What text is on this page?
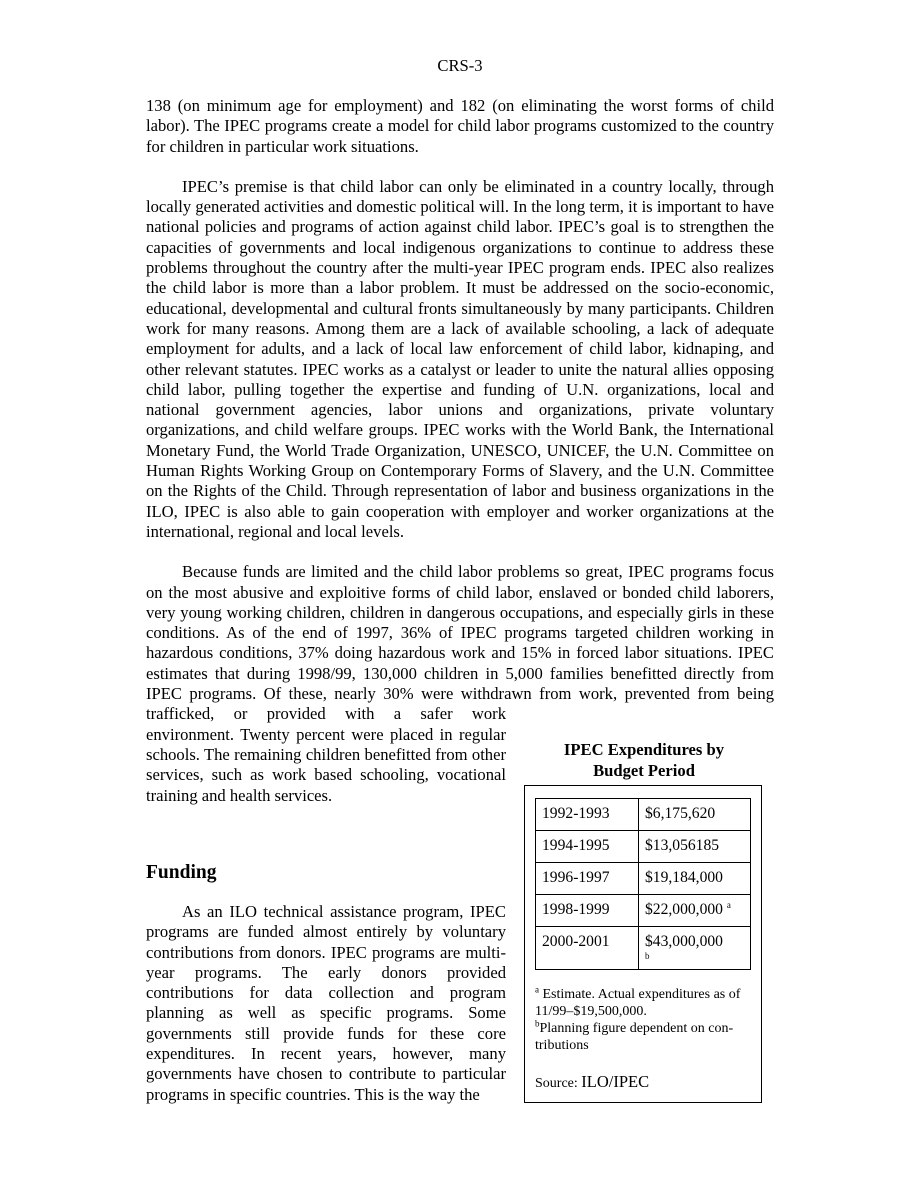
CRS-3

138 (on minimum age for employment) and 182 (on eliminating the worst forms of child labor). The IPEC programs create a model for child labor programs customized to the country for children in particular work situations.

IPEC’s premise is that child labor can only be eliminated in a country locally, through locally generated activities and domestic political will. In the long term, it is important to have national policies and programs of action against child labor. IPEC’s goal is to strengthen the capacities of governments and local indigenous organizations to continue to address these problems throughout the country after the multi-year IPEC program ends. IPEC also realizes the child labor is more than a labor problem. It must be addressed on the socio-economic, educational, developmental and cultural fronts simultaneously by many participants. Children work for many reasons. Among them are a lack of available schooling, a lack of adequate employment for adults, and a lack of local law enforcement of child labor, kidnaping, and other relevant statutes. IPEC works as a catalyst or leader to unite the natural allies opposing child labor, pulling together the expertise and funding of U.N. organizations, local and national government agencies, labor unions and organizations, private voluntary organizations, and child welfare groups. IPEC works with the World Bank, the International Monetary Fund, the World Trade Organization, UNESCO, UNICEF, the U.N. Committee on Human Rights Working Group on Contemporary Forms of Slavery, and the U.N. Committee on the Rights of the Child. Through representation of labor and business organizations in the ILO, IPEC is also able to gain cooperation with employer and worker organizations at the international, regional and local levels.

Because funds are limited and the child labor problems so great, IPEC programs focus on the most abusive and exploitive forms of child labor, enslaved or bonded child laborers, very young working children, children in dangerous occupations, and especially girls in these conditions. As of the end of 1997, 36% of IPEC programs targeted children working in hazardous conditions, 37% doing hazardous work and 15% in forced labor situations. IPEC estimates that during 1998/99, 130,000 children in 5,000 families benefitted directly from IPEC programs. Of these, nearly 30% were withdrawn from work, prevented from being trafficked, or provided with a safer work environment. Twenty percent were placed in regular schools. The remaining children benefitted from other services, such as work based schooling, vocational training and health services.

IPEC Expenditures by
Budget Period
1992-1993	$6,175,620
1994-1995	$13,056185
1996-1997	$19,184,000
1998-1999	$22,000,000 $^a$
2000-2001	$43,000,000
b

$^a$ Estimate. Actual expenditures as of 11/99–$19,500,000.

$^b$Planning figure dependent on con-tributions

Source: ILO/IPEC

Funding

As an ILO technical assistance program, IPEC programs are funded almost entirely by voluntary contributions from donors. IPEC programs are multi-year programs. The early donors provided contributions for data collection and program planning as well as specific programs. Some governments still provide funds for these core expenditures. In recent years, however, many governments have chosen to contribute to particular programs in specific countries. This is the way the
